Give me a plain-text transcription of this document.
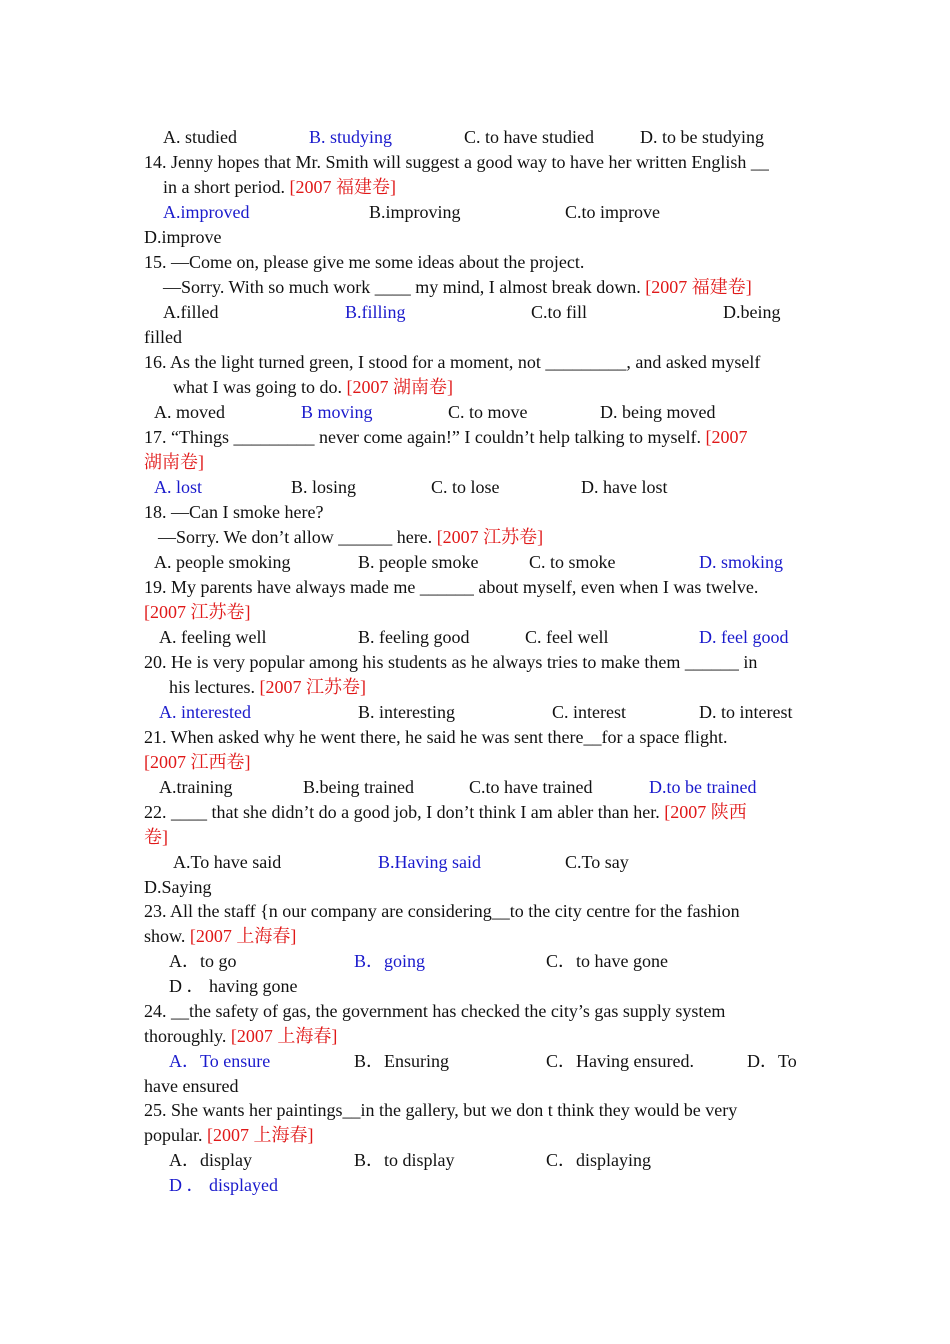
A. studied	B. studying	C. to have studied	D. to be studying
14. Jenny hopes that Mr. Smith will suggest a good way to have her written English __
in a short period. [2007 福建卷]
A.improved	B.improving	C.to improve
D.improve
15. —Come on, please give me some ideas about the project.
—Sorry. With so much work ____ my mind, I almost break down. [2007 福建卷]
A.filled	B.filling	C.to fill	D.being
filled
16. As the light turned green, I stood for a moment, not _________, and asked myself
what I was going to do. [2007 湖南卷]
A. moved	B moving	C. to move	D. being moved
17. “Things _________ never come again!” I couldn’t help talking to myself. [2007
湖南卷]
A. lost	B. losing	C. to lose	D. have lost
18. —Can I smoke here?
—Sorry. We don’t allow ______ here. [2007 江苏卷]
A. people smoking	B. people smoke	C. to smoke	D. smoking
19. My parents have always made me ______ about myself, even when I was twelve.
[2007 江苏卷]
A. feeling well	B. feeling good	C. feel well	D. feel good
20. He is very popular among his students as he always tries to make them ______ in
his lectures. [2007 江苏卷]
A. interested	B. interesting	C. interest	D. to interest
21. When asked why he went there, he said he was sent there__for a space flight.
[2007 江西卷]
A.training	B.being trained	C.to have trained	D.to be trained
22. ____ that she didn’t do a good job, I don’t think I am abler than her. [2007 陕西
卷]
A.To have said	B.Having said	C.To say
D.Saying
23. All the staff {n our company are considering__to the city centre for the fashion
show. [2007 上海春]
A．to go	B．going	C．to have gone
D ． having gone
24. __the safety of gas, the government has checked the city’s gas supply system
thoroughly. [2007 上海春]
A．To ensure	B．Ensuring	C．Having ensured.	D．To
have ensured
25. She wants her paintings__in the gallery, but we don t think they would be very
popular. [2007 上海春]
A．display	B．to display	C．displaying
D ． displayed
